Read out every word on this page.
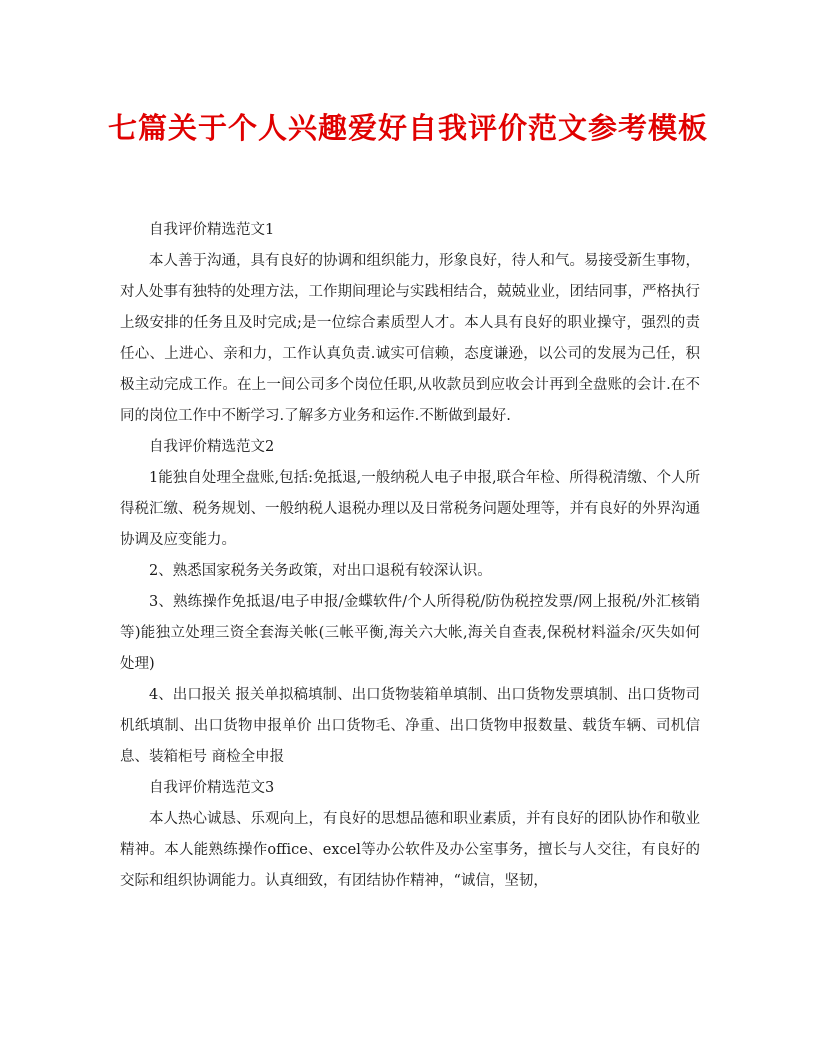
七篇关于个人兴趣爱好自我评价范文参考模板

自我评价精选范文1

本人善于沟通，具有良好的协调和组织能力，形象良好，待人和气。易接受新生事物，对人处事有独特的处理方法，工作期间理论与实践相结合，兢兢业业，团结同事，严格执行上级安排的任务且及时完成;是一位综合素质型人才。本人具有良好的职业操守，强烈的责任心、上进心、亲和力，工作认真负责.诚实可信赖，态度谦逊，以公司的发展为己任，积极主动完成工作。在上一间公司多个岗位任职,从收款员到应收会计再到全盘账的会计.在不同的岗位工作中不断学习.了解多方业务和运作.不断做到最好.

自我评价精选范文2

1能独自处理全盘账,包括:免抵退,一般纳税人电子申报,联合年检、所得税清缴、个人所得税汇缴、税务规划、一般纳税人退税办理以及日常税务问题处理等，并有良好的外界沟通协调及应变能力。

2、熟悉国家税务关务政策，对出口退税有较深认识。

3、熟练操作免抵退/电子申报/金蝶软件/个人所得税/防伪税控发票/网上报税/外汇核销等)能独立处理三资全套海关帐(三帐平衡,海关六大帐,海关自查表,保税材料溢余/灭失如何处理)

4、出口报关 报关单拟稿填制、出口货物装箱单填制、出口货物发票填制、出口货物司机纸填制、出口货物申报单价 出口货物毛、净重、出口货物申报数量、载货车辆、司机信息、装箱柜号 商检全申报

自我评价精选范文3

本人热心诚恳、乐观向上，有良好的思想品德和职业素质，并有良好的团队协作和敬业精神。本人能熟练操作office、excel等办公软件及办公室事务，擅长与人交往，有良好的交际和组织协调能力。认真细致，有团结协作精神，“诚信，坚韧，
